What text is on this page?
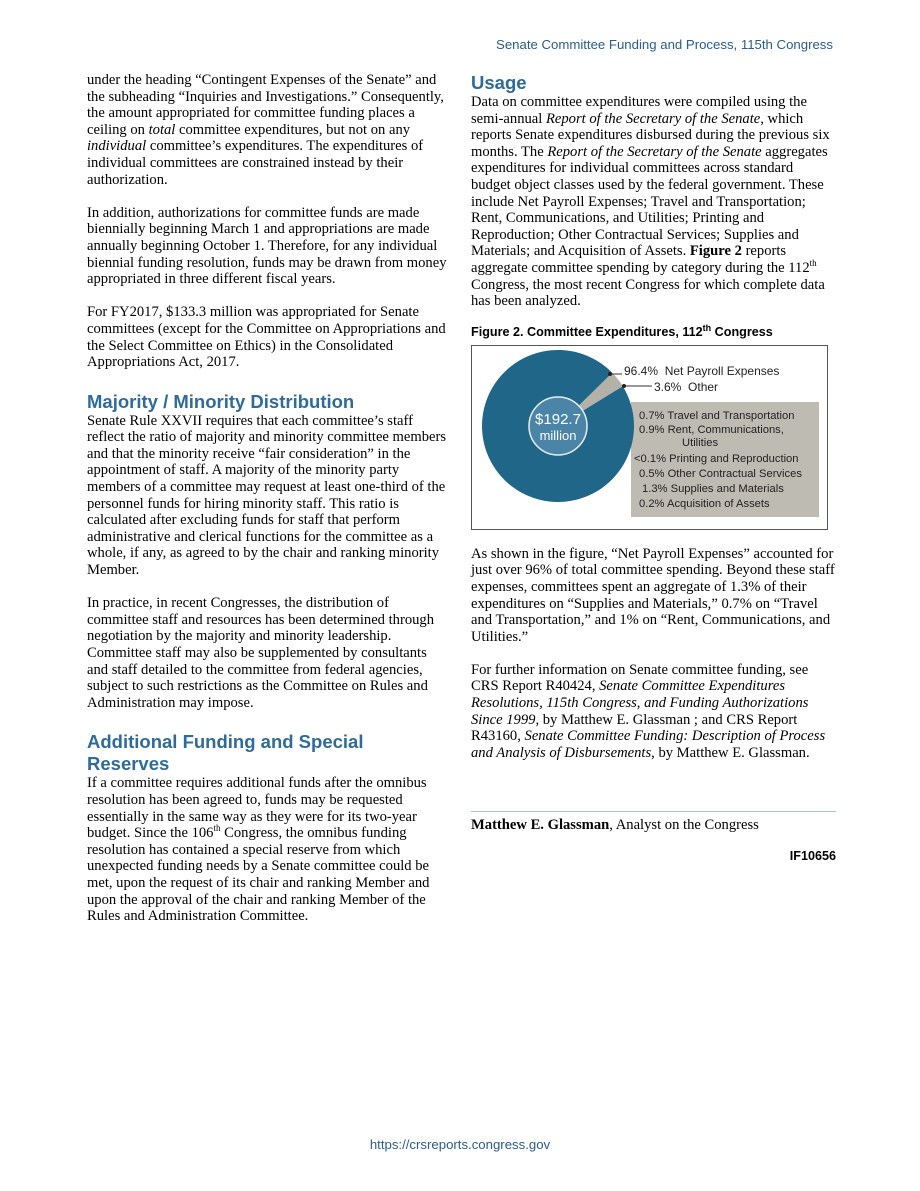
Senate Committee Funding and Process, 115th Congress

under the heading “Contingent Expenses of the Senate” and the subheading “Inquiries and Investigations.” Consequently, the amount appropriated for committee funding places a ceiling on total committee expenditures, but not on any individual committee’s expenditures. The expenditures of individual committees are constrained instead by their authorization.

In addition, authorizations for committee funds are made biennially beginning March 1 and appropriations are made annually beginning October 1. Therefore, for any individual biennial funding resolution, funds may be drawn from money appropriated in three different fiscal years.

For FY2017, $133.3 million was appropriated for Senate committees (except for the Committee on Appropriations and the Select Committee on Ethics) in the Consolidated Appropriations Act, 2017.

Majority / Minority Distribution

Senate Rule XXVII requires that each committee’s staff reflect the ratio of majority and minority committee members and that the minority receive “fair consideration” in the appointment of staff. A majority of the minority party members of a committee may request at least one-third of the personnel funds for hiring minority staff. This ratio is calculated after excluding funds for staff that perform administrative and clerical functions for the committee as a whole, if any, as agreed to by the chair and ranking minority Member.

In practice, in recent Congresses, the distribution of committee staff and resources has been determined through negotiation by the majority and minority leadership. Committee staff may also be supplemented by consultants and staff detailed to the committee from federal agencies, subject to such restrictions as the Committee on Rules and Administration may impose.

Additional Funding and Special Reserves

If a committee requires additional funds after the omnibus resolution has been agreed to, funds may be requested essentially in the same way as they were for its two-year budget. Since the 106th Congress, the omnibus funding resolution has contained a special reserve from which unexpected funding needs by a Senate committee could be met, upon the request of its chair and ranking Member and upon the approval of the chair and ranking Member of the Rules and Administration Committee.

Usage

Data on committee expenditures were compiled using the semi-annual Report of the Secretary of the Senate, which reports Senate expenditures disbursed during the previous six months. The Report of the Secretary of the Senate aggregates expenditures for individual committees across standard budget object classes used by the federal government. These include Net Payroll Expenses; Travel and Transportation; Rent, Communications, and Utilities; Printing and Reproduction; Other Contractual Services; Supplies and Materials; and Acquisition of Assets. Figure 2 reports aggregate committee spending by category during the 112th Congress, the most recent Congress for which complete data has been analyzed.

Figure 2. Committee Expenditures, 112th Congress

96.4%  Net Payroll Expenses
3.6%  Other
$192.7
million
0.7% Travel and Transportation
0.9% Rent, Communications,
Utilities
<0.1% Printing and Reproduction
0.5% Other Contractual Services
1.3% Supplies and Materials
0.2% Acquisition of Assets

As shown in the figure, “Net Payroll Expenses” accounted for just over 96% of total committee spending. Beyond these staff expenses, committees spent an aggregate of 1.3% of their expenditures on “Supplies and Materials,” 0.7% on “Travel and Transportation,” and 1% on “Rent, Communications, and Utilities.”

For further information on Senate committee funding, see CRS Report R40424, Senate Committee Expenditures Resolutions, 115th Congress, and Funding Authorizations Since 1999, by Matthew E. Glassman ; and CRS Report R43160, Senate Committee Funding: Description of Process and Analysis of Disbursements, by Matthew E. Glassman.

Matthew E. Glassman, Analyst on the Congress

IF10656
https://crsreports.congress.gov
